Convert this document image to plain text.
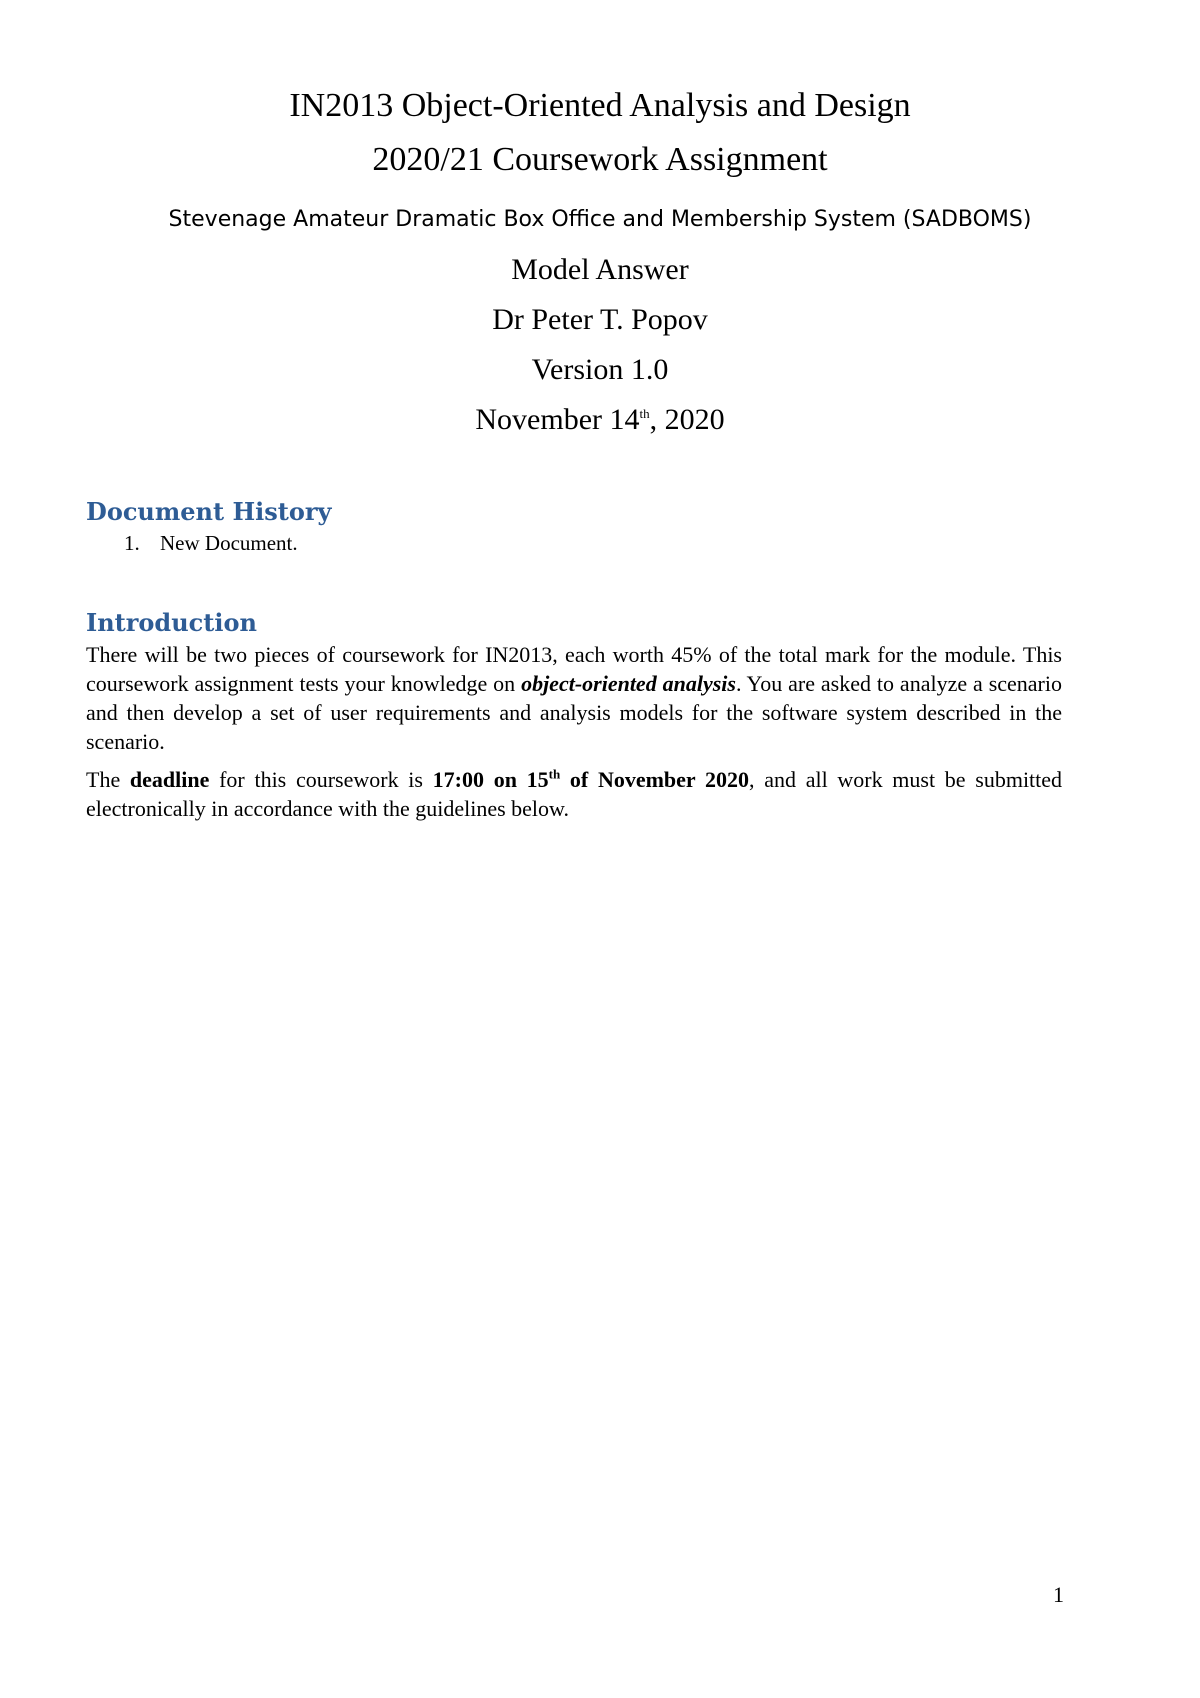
IN2013 Object-Oriented Analysis and Design

2020/21 Coursework Assignment

Stevenage Amateur Dramatic Box Office and Membership System (SADBOMS)

Model Answer

Dr Peter T. Popov

Version 1.0

November 14th, 2020

Document History
1. New Document.
Introduction

There will be two pieces of coursework for IN2013, each worth 45% of the total mark for the module. This coursework assignment tests your knowledge on object-oriented analysis. You are asked to analyze a scenario and then develop a set of user requirements and analysis models for the software system described in the scenario.

The deadline for this coursework is 17:00 on 15th of November 2020, and all work must be submitted electronically in accordance with the guidelines below.

1
